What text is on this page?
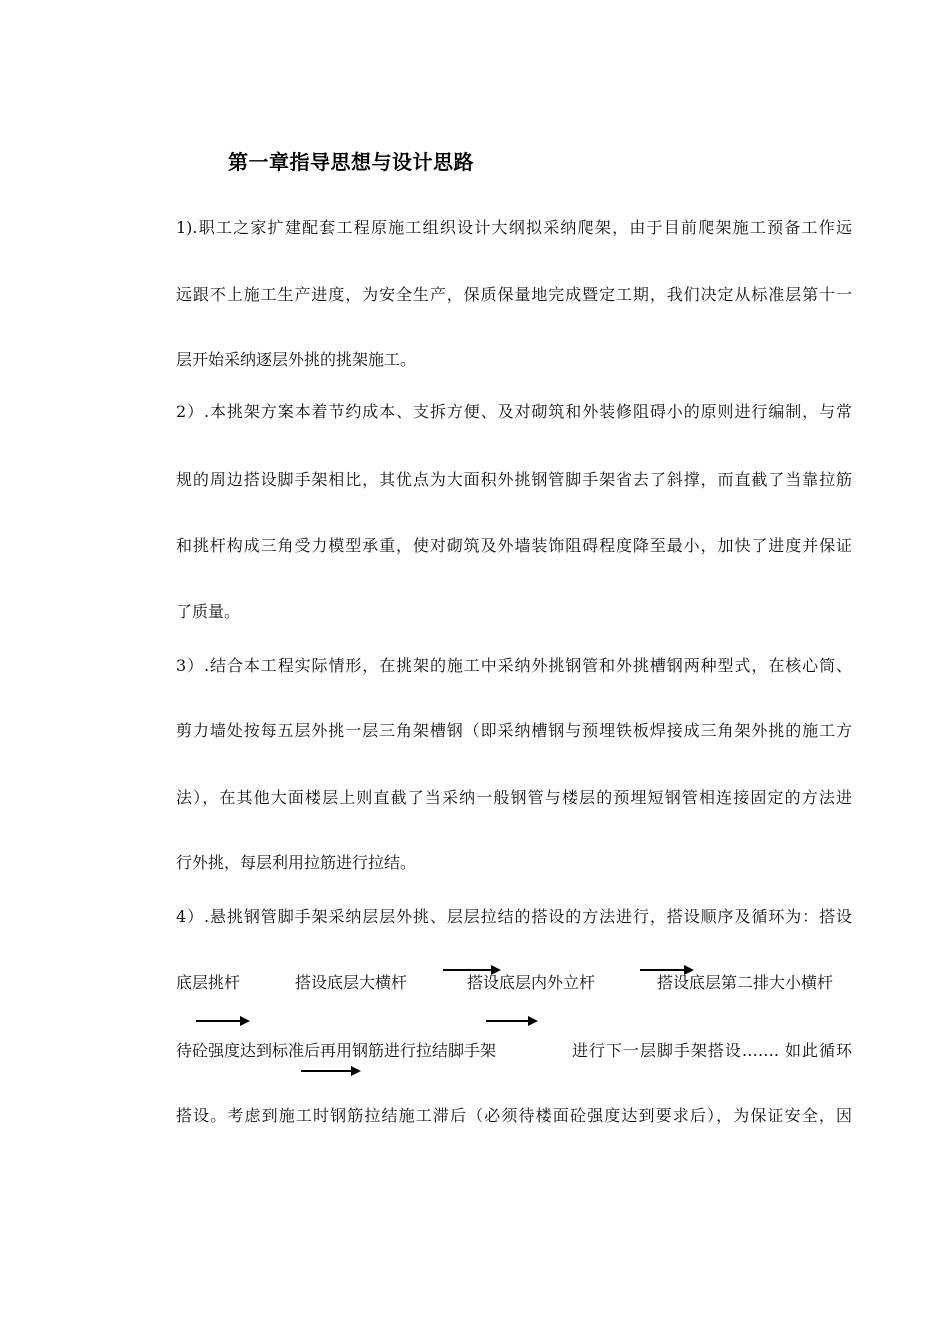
第一章指导思想与设计思路
1).职工之家扩建配套工程原施工组织设计大纲拟采纳爬架，由于目前爬架施工预备工作远
远跟不上施工生产进度，为安全生产，保质保量地完成暨定工期，我们决定从标准层第十一
层开始采纳逐层外挑的挑架施工。
2）.本挑架方案本着节约成本、支拆方便、及对砌筑和外装修阻碍小的原则进行编制，与常
规的周边搭设脚手架相比，其优点为大面积外挑钢管脚手架省去了斜撑，而直截了当靠拉筋
和挑杆构成三角受力模型承重，使对砌筑及外墙装饰阻碍程度降至最小，加快了进度并保证
了质量。
3）.结合本工程实际情形，在挑架的施工中采纳外挑钢管和外挑槽钢两种型式，在核心筒、
剪力墙处按每五层外挑一层三角架槽钢（即采纳槽钢与预埋铁板焊接成三角架外挑的施工方
法），在其他大面楼层上则直截了当采纳一般钢管与楼层的预埋短钢管相连接固定的方法进
行外挑，每层利用拉筋进行拉结。
4）.悬挑钢管脚手架采纳层层外挑、层层拉结的搭设的方法进行，搭设顺序及循环为：搭设
底层挑杆	搭设底层大横杆	搭设底层内外立杆	搭设底层第二排大小横杆
待砼强度达到标准后再用钢筋进行拉结脚手架	进行下一层脚手架搭设……. 如此循环
搭设。考虑到施工时钢筋拉结施工滞后（必须待楼面砼强度达到要求后），为保证安全，因
